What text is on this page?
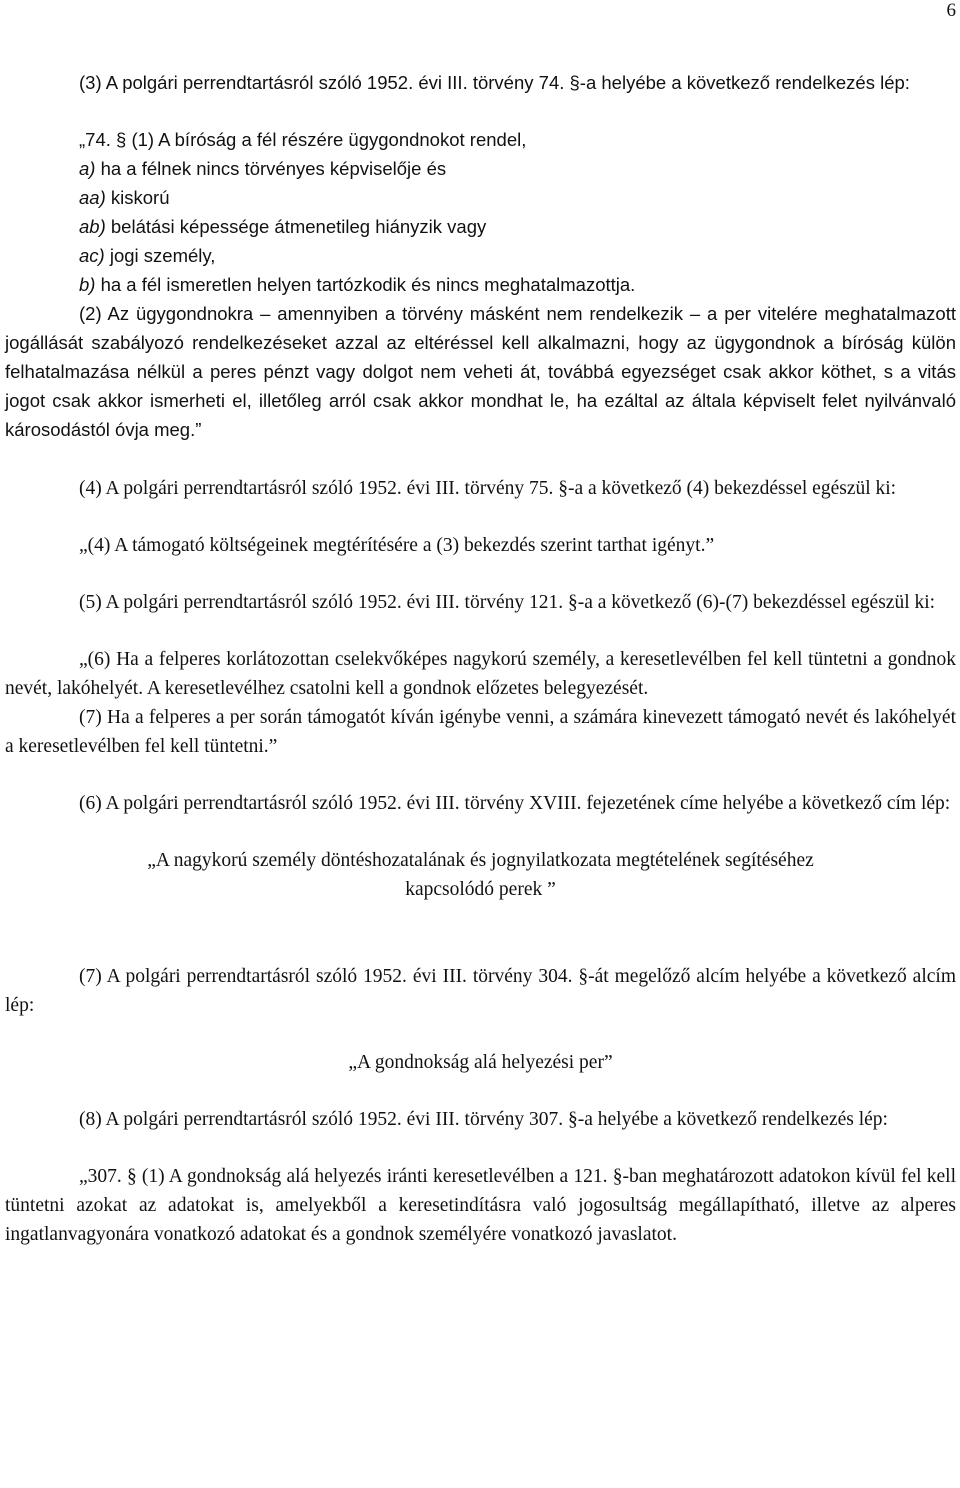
6

(3) A polgári perrendtartásról szóló 1952. évi III. törvény 74. §-a helyébe a következő rendelkezés lép:

„74. § (1) A bíróság a fél részére ügygondnokot rendel,
a) ha a félnek nincs törvényes képviselője és
aa) kiskorú
ab) belátási képessége átmenetileg hiányzik vagy
ac) jogi személy,
b) ha a fél ismeretlen helyen tartózkodik és nincs meghatalmazottja.

(2) Az ügygondnokra – amennyiben a törvény másként nem rendelkezik – a per vitelére meghatalmazott jogállását szabályozó rendelkezéseket azzal az eltéréssel kell alkalmazni, hogy az ügygondnok a bíróság külön felhatalmazása nélkül a peres pénzt vagy dolgot nem veheti át, továbbá egyezséget csak akkor köthet, s a vitás jogot csak akkor ismerheti el, illetőleg arról csak akkor mondhat le, ha ezáltal az általa képviselt felet nyilvánvaló károsodástól óvja meg.”

(4) A polgári perrendtartásról szóló 1952. évi III. törvény 75. §-a a következő (4) bekezdéssel egészül ki:

„(4) A támogató költségeinek megtérítésére a (3) bekezdés szerint tarthat igényt.”

(5) A polgári perrendtartásról szóló 1952. évi III. törvény 121. §-a a következő (6)-(7) bekezdéssel egészül ki:

„(6) Ha a felperes korlátozottan cselekvőképes nagykorú személy, a keresetlevélben fel kell tüntetni a gondnok nevét, lakóhelyét. A keresetlevélhez csatolni kell a gondnok előzetes belegyezését.

(7) Ha a felperes a per során támogatót kíván igénybe venni, a számára kinevezett támogató nevét és lakóhelyét a keresetlevélben fel kell tüntetni.”

(6) A polgári perrendtartásról szóló 1952. évi III. törvény XVIII. fejezetének címe helyébe a következő cím lép:

„A nagykorú személy döntéshozatalának és jognyilatkozata megtételének segítéséhez

kapcsolódó perek ”

(7) A polgári perrendtartásról szóló 1952. évi III. törvény 304. §-át megelőző alcím helyébe a következő alcím lép:

„A gondnokság alá helyezési per”

(8) A polgári perrendtartásról szóló 1952. évi III. törvény 307. §-a helyébe a következő rendelkezés lép:

„307. § (1) A gondnokság alá helyezés iránti keresetlevélben a 121. §-ban meghatározott adatokon kívül fel kell tüntetni azokat az adatokat is, amelyekből a keresetindításra való jogosultság megállapítható, illetve az alperes ingatlanvagyonára vonatkozó adatokat és a gondnok személyére vonatkozó javaslatot.
